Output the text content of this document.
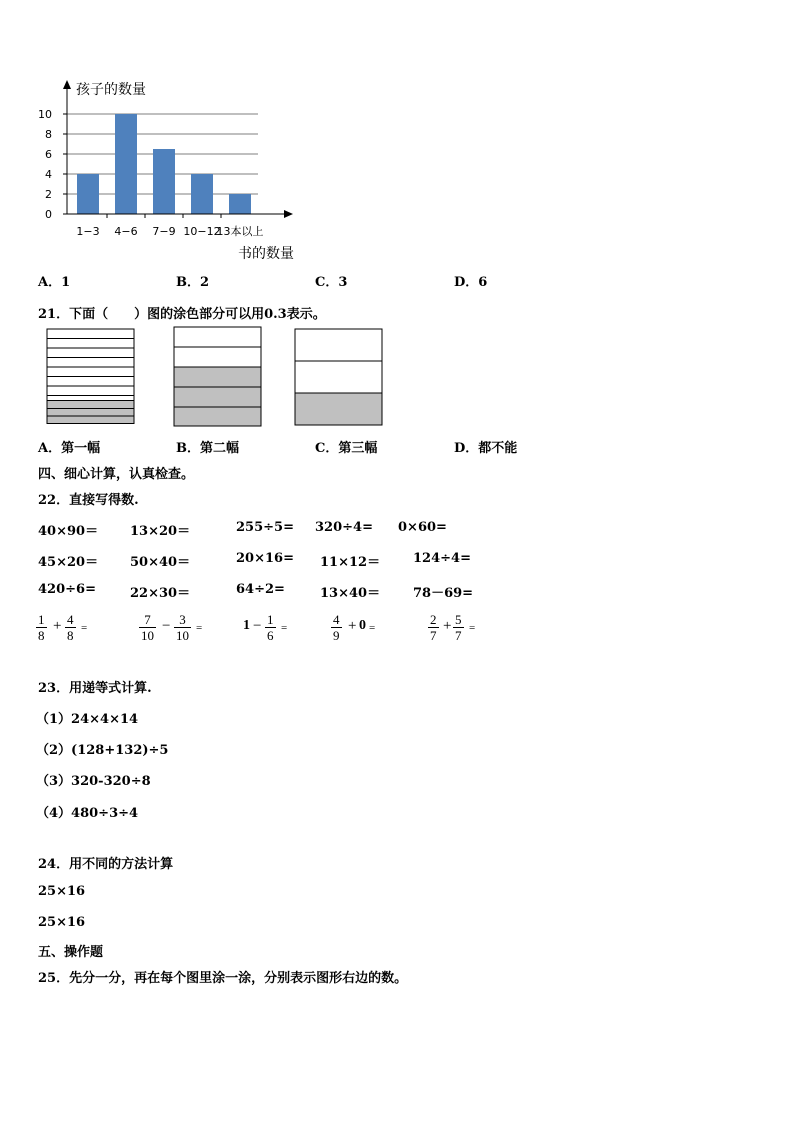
0
2
4
6
8
10
1−3 4−6 7−9 10−12
13本以上
孩子的数量
书的数量
A．1	B．2	C．3	D．6
21．下面（　　）图的涂色部分可以用0.3表示。
A．第一幅	B．第二幅	C．第三幅	D．都不能
四、细心计算，认真检查。
22．直接写得数.
40×90＝ 13×20＝	255÷5= 320÷4= 0×60=
45×20＝ 50×40＝	20×16= 11×12＝	124÷4=
420÷6=	22×30＝	64÷2=	13×40＝	78－69=
$\frac{1}{8} + \frac{4}{8}$ =	$\frac{7}{10} - \frac{3}{10}$ =	$1 - \frac{1}{6}$ =	$\frac{4}{9} + 0$ =	$\frac{2}{7} + \frac{5}{7}$ =
23．用递等式计算.
（1）24×4×14
（2）(128+132)÷5
（3）320-320÷8
（4）480÷3÷4
24．用不同的方法计算
25×16
25×16
五、操作题
25．先分一分，再在每个图里涂一涂，分别表示图形右边的数。
